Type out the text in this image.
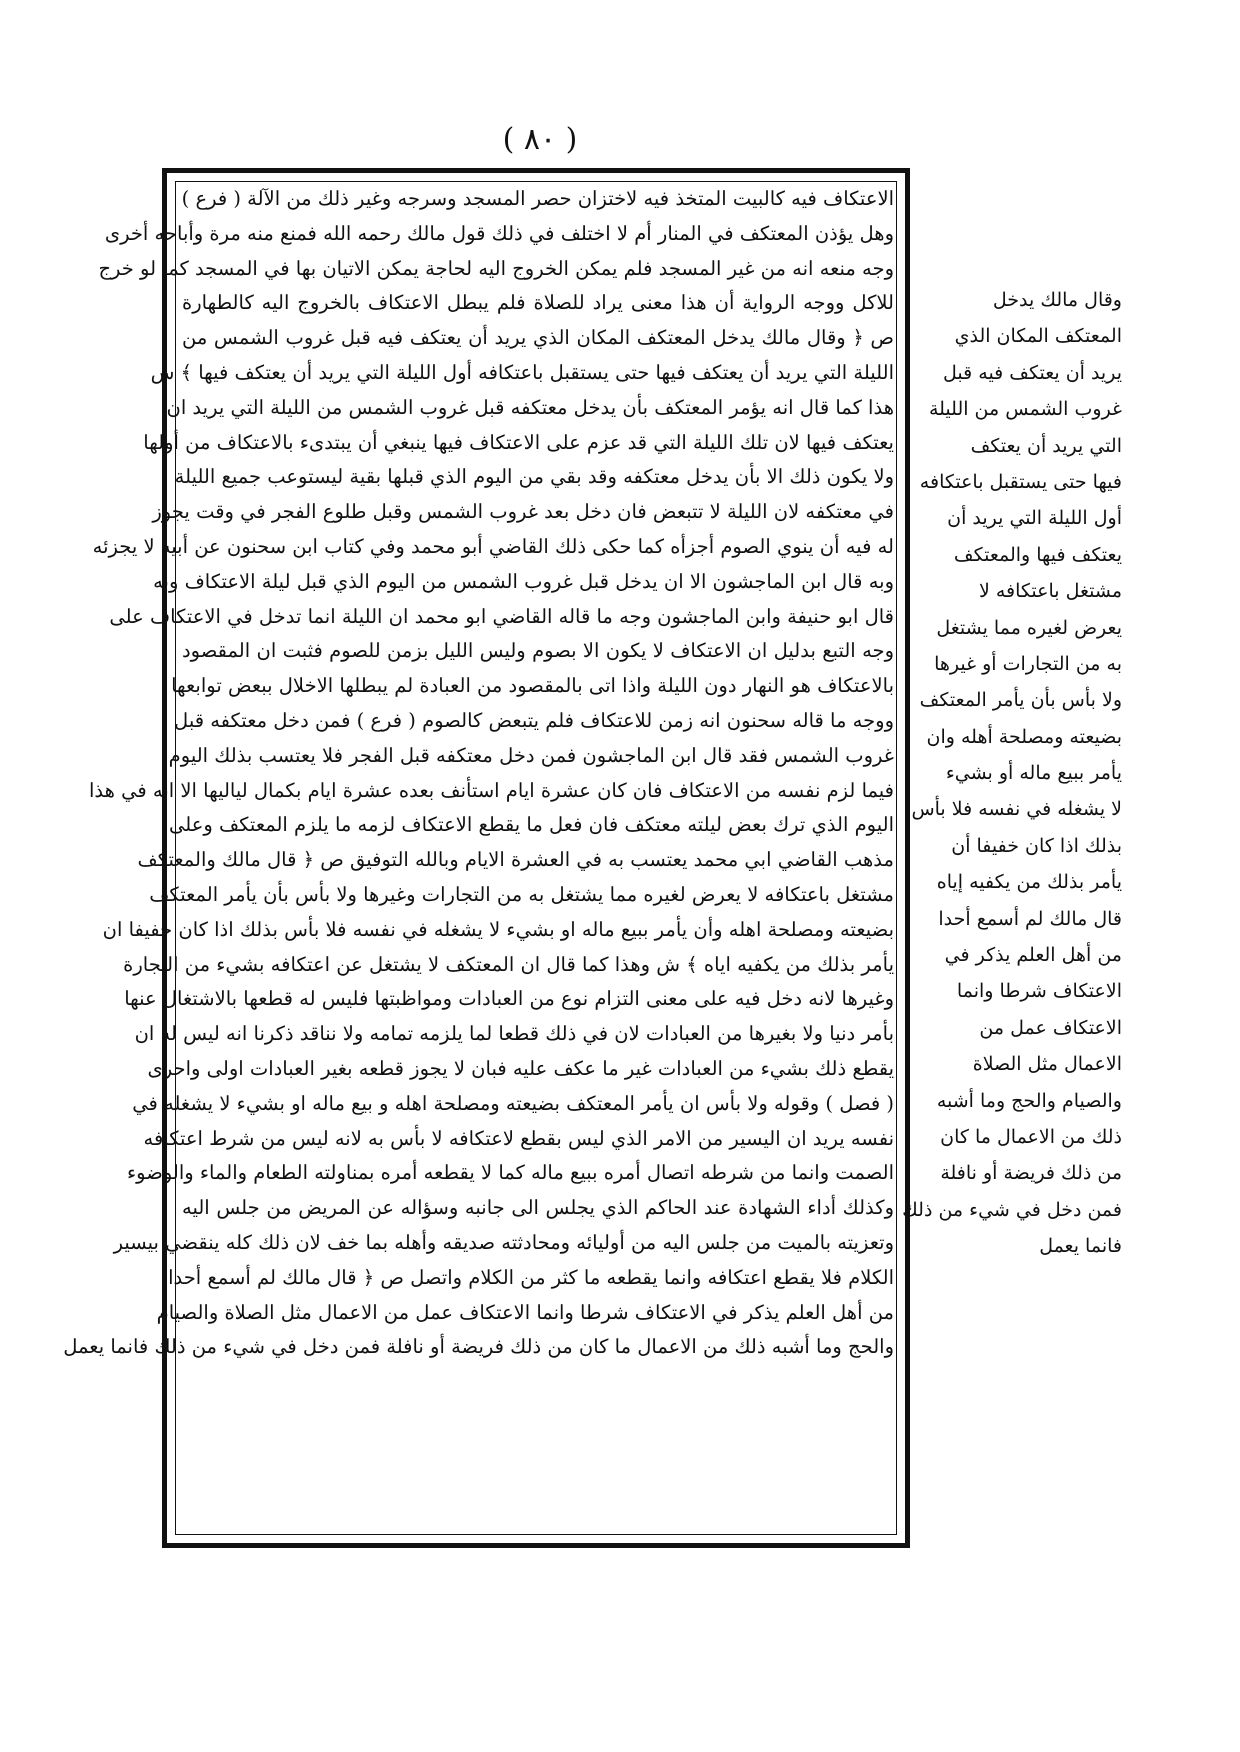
( ٨٠ )
الاعتكاف فيه كالبيت المتخذ فيه لاختزان حصر المسجد وسرجه وغير ذلك من الآلة ( فرع )
وهل يؤذن المعتكف في المنار أم لا اختلف في ذلك قول مالك رحمه الله فمنع منه مرة وأباحه أخرى
وجه منعه انه من غير المسجد فلم يمكن الخروج اليه لحاجة يمكن الاتيان بها في المسجد كما لو خرج
للاكل ووجه الرواية أن هذا معنى يراد للصلاة فلم يبطل الاعتكاف بالخروج اليه كالطهارة
ص ﴿ وقال مالك يدخل المعتكف المكان الذي يريد أن يعتكف فيه قبل غروب الشمس من
الليلة التي يريد أن يعتكف فيها حتى يستقبل باعتكافه أول الليلة التي يريد أن يعتكف فيها ﴾ ش
هذا كما قال انه يؤمر المعتكف بأن يدخل معتكفه قبل غروب الشمس من الليلة التي يريد ان
يعتكف فيها لان تلك الليلة التي قد عزم على الاعتكاف فيها ينبغي أن يبتدىء بالاعتكاف من أولها
ولا يكون ذلك الا بأن يدخل معتكفه وقد بقي من اليوم الذي قبلها بقية ليستوعب جميع الليلة
في معتكفه لان الليلة لا تتبعض فان دخل بعد غروب الشمس وقبل طلوع الفجر في وقت يجوز
له فيه أن ينوي الصوم أجزأه كما حكى ذلك القاضي أبو محمد وفي كتاب ابن سحنون عن أبيه لا يجزئه
وبه قال ابن الماجشون الا ان يدخل قبل غروب الشمس من اليوم الذي قبل ليلة الاعتكاف وبه
قال ابو حنيفة وابن الماجشون وجه ما قاله القاضي ابو محمد ان الليلة انما تدخل في الاعتكاف على
وجه التبع بدليل ان الاعتكاف لا يكون الا بصوم وليس الليل بزمن للصوم فثبت ان المقصود
بالاعتكاف هو النهار دون الليلة واذا اتى بالمقصود من العبادة لم يبطلها الاخلال ببعض توابعها
ووجه ما قاله سحنون انه زمن للاعتكاف فلم يتبعض كالصوم ( فرع ) فمن دخل معتكفه قبل
غروب الشمس فقد قال ابن الماجشون فمن دخل معتكفه قبل الفجر فلا يعتسب بذلك اليوم
فيما لزم نفسه من الاعتكاف فان كان عشرة ايام استأنف بعده عشرة ايام بكمال لياليها الا انه في هذا
اليوم الذي ترك بعض ليلته معتكف فان فعل ما يقطع الاعتكاف لزمه ما يلزم المعتكف وعلى
مذهب القاضي ابي محمد يعتسب به في العشرة الايام وبالله التوفيق ص ﴿ قال مالك والمعتكف
مشتغل باعتكافه لا يعرض لغيره مما يشتغل به من التجارات وغيرها ولا بأس بأن يأمر المعتكف
بضيعته ومصلحة اهله وأن يأمر ببيع ماله او بشيء لا يشغله في نفسه فلا بأس بذلك اذا كان خفيفا ان
يأمر بذلك من يكفيه اياه ﴾ ش وهذا كما قال ان المعتكف لا يشتغل عن اعتكافه بشيء من التجارة
وغيرها لانه دخل فيه على معنى التزام نوع من العبادات ومواظبتها فليس له قطعها بالاشتغال عنها
بأمر دنيا ولا بغيرها من العبادات لان في ذلك قطعا لما يلزمه تمامه ولا نناقد ذكرنا انه ليس له ان
يقطع ذلك بشيء من العبادات غير ما عكف عليه فبان لا يجوز قطعه بغير العبادات اولى واحرى
( فصل ) وقوله ولا بأس ان يأمر المعتكف بضيعته ومصلحة اهله و بيع ماله او بشيء لا يشغله في
نفسه يريد ان اليسير من الامر الذي ليس بقطع لاعتكافه لا بأس به لانه ليس من شرط اعتكافه
الصمت وانما من شرطه اتصال أمره ببيع ماله كما لا يقطعه أمره بمناولته الطعام والماء والوضوء
وكذلك أداء الشهادة عند الحاكم الذي يجلس الى جانبه وسؤاله عن المريض من جلس اليه
وتعزيته بالميت من جلس اليه من أوليائه ومحادثته صديقه وأهله بما خف لان ذلك كله ينقضي بيسير
الكلام فلا يقطع اعتكافه وانما يقطعه ما كثر من الكلام واتصل ص ﴿ قال مالك لم أسمع أحدا
من أهل العلم يذكر في الاعتكاف شرطا وانما الاعتكاف عمل من الاعمال مثل الصلاة والصيام
والحج وما أشبه ذلك من الاعمال ما كان من ذلك فريضة أو نافلة فمن دخل في شيء من ذلك فانما يعمل
وقال مالك يدخل
المعتكف المكان الذي
يريد أن يعتكف فيه قبل
غروب الشمس من الليلة
التي يريد أن يعتكف
فيها حتى يستقبل باعتكافه
أول الليلة التي يريد أن
يعتكف فيها والمعتكف
مشتغل باعتكافه لا
يعرض لغيره مما يشتغل
به من التجارات أو غيرها
ولا بأس بأن يأمر المعتكف
بضيعته ومصلحة أهله وان
يأمر ببيع ماله أو بشيء
لا يشغله في نفسه فلا بأس
بذلك اذا كان خفيفا أن
يأمر بذلك من يكفيه إياه
قال مالك لم أسمع أحدا
من أهل العلم يذكر في
الاعتكاف شرطا وانما
الاعتكاف عمل من
الاعمال مثل الصلاة
والصيام والحج وما أشبه
ذلك من الاعمال ما كان
من ذلك فريضة أو نافلة
فمن دخل في شيء من ذلك
فانما يعمل
